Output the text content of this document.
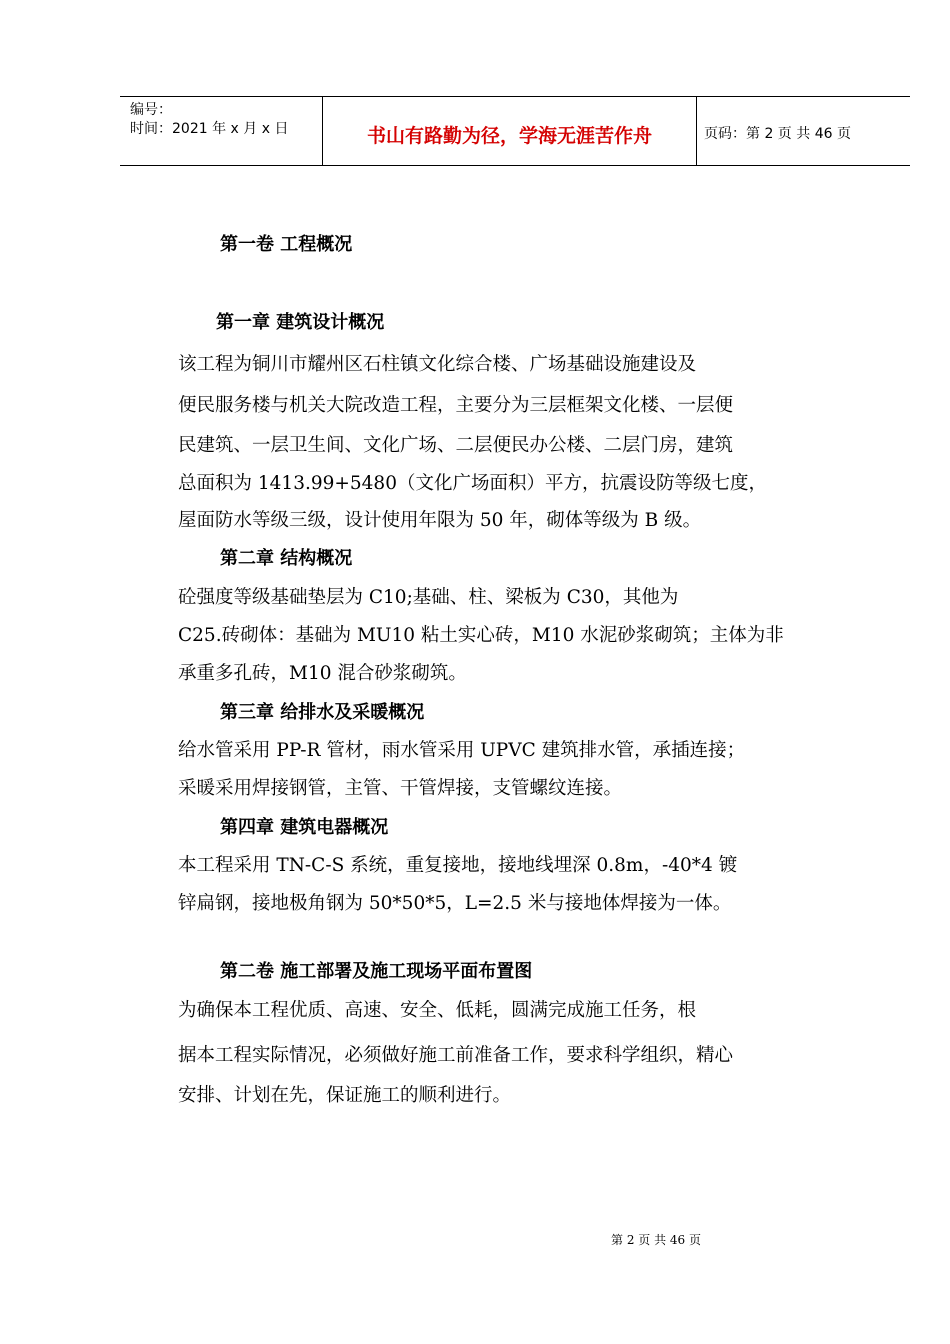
编号：
时间：2021 年 x 月 x 日	书山有路勤为径，学海无涯苦作舟	页码：第 2 页 共 46 页
第一卷 工程概况
第一章 建筑设计概况
该工程为铜川市耀州区石柱镇文化综合楼、广场基础设施建设及
便民服务楼与机关大院改造工程，主要分为三层框架文化楼、一层便
民建筑、一层卫生间、文化广场、二层便民办公楼、二层门房，建筑
总面积为 1413.99+5480（文化广场面积）平方，抗震设防等级七度，
屋面防水等级三级，设计使用年限为 50 年，砌体等级为 B 级。
第二章 结构概况
砼强度等级基础垫层为 C10;基础、柱、梁板为 C30，其他为
C25.砖砌体：基础为 MU10 粘土实心砖，M10 水泥砂浆砌筑；主体为非
承重多孔砖，M10 混合砂浆砌筑。
第三章 给排水及采暖概况
给水管采用 PP-R 管材，雨水管采用 UPVC 建筑排水管，承插连接；
采暖采用焊接钢管，主管、干管焊接，支管螺纹连接。
第四章 建筑电器概况
本工程采用 TN-C-S 系统，重复接地，接地线埋深 0.8m，-40*4 镀
锌扁钢，接地极角钢为 50*50*5，L=2.5 米与接地体焊接为一体。
第二卷 施工部署及施工现场平面布置图
为确保本工程优质、高速、安全、低耗，圆满完成施工任务，根
据本工程实际情况，必须做好施工前准备工作，要求科学组织，精心
安排、计划在先，保证施工的顺利进行。
第 2 页 共 46 页
